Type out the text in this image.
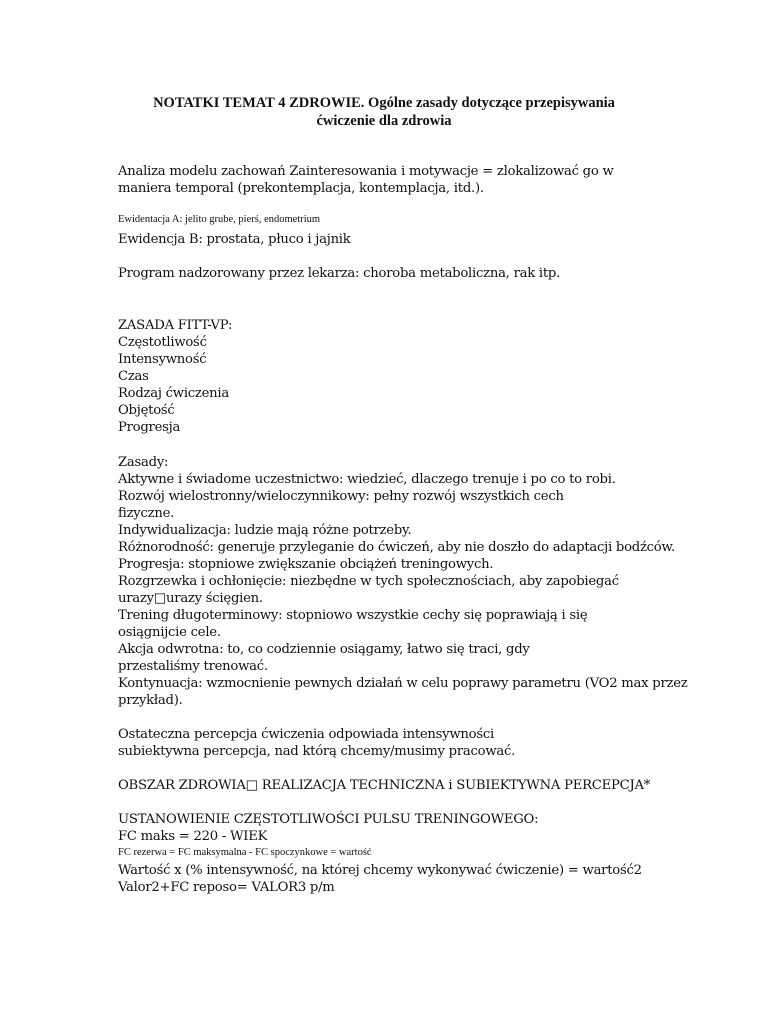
NOTATKI TEMAT 4 ZDROWIE. Ogólne zasady dotyczące przepisywania
ćwiczenie dla zdrowia
Analiza modelu zachowań Zainteresowania i motywacje = zlokalizować go w
maniera temporal (prekontemplacja, kontemplacja, itd.).
Ewidentacja A: jelito grube, pierś, endometrium
Ewidencja B: prostata, płuco i jajnik
Program nadzorowany przez lekarza: choroba metaboliczna, rak itp.
ZASADA FITT-VP:
Częstotliwość
Intensywność
Czas
Rodzaj ćwiczenia
Objętość
Progresja
Zasady:
Aktywne i świadome uczestnictwo: wiedzieć, dlaczego trenuje i po co to robi.
Rozwój wielostronny/wieloczynnikowy: pełny rozwój wszystkich cech
fizyczne.
Indywidualizacja: ludzie mają różne potrzeby.
Różnorodność: generuje przyleganie do ćwiczeń, aby nie doszło do adaptacji bodźców.
Progresja: stopniowe zwiększanie obciążeń treningowych.
Rozgrzewka i ochłonięcie: niezbędne w tych społecznościach, aby zapobiegać
urazy□urazy ścięgien.
Trening długoterminowy: stopniowo wszystkie cechy się poprawiają i się
osiągnijcie cele.
Akcja odwrotna: to, co codziennie osiągamy, łatwo się traci, gdy
przestaliśmy trenować.
Kontynuacja: wzmocnienie pewnych działań w celu poprawy parametru (VO2 max przez
przykład).
Ostateczna percepcja ćwiczenia odpowiada intensywności
subiektywna percepcja, nad którą chcemy/musimy pracować.
OBSZAR ZDROWIA□ REALIZACJA TECHNICZNA i SUBIEKTYWNA PERCEPCJA*
USTANOWIENIE CZĘSTOTLIWOŚCI PULSU TRENINGOWEGO:
FC maks = 220 - WIEK
FC rezerwa = FC maksymalna - FC spoczynkowe = wartość
Wartość x (% intensywność, na której chcemy wykonywać ćwiczenie) = wartość2
Valor2+FC reposo= VALOR3 p/m
